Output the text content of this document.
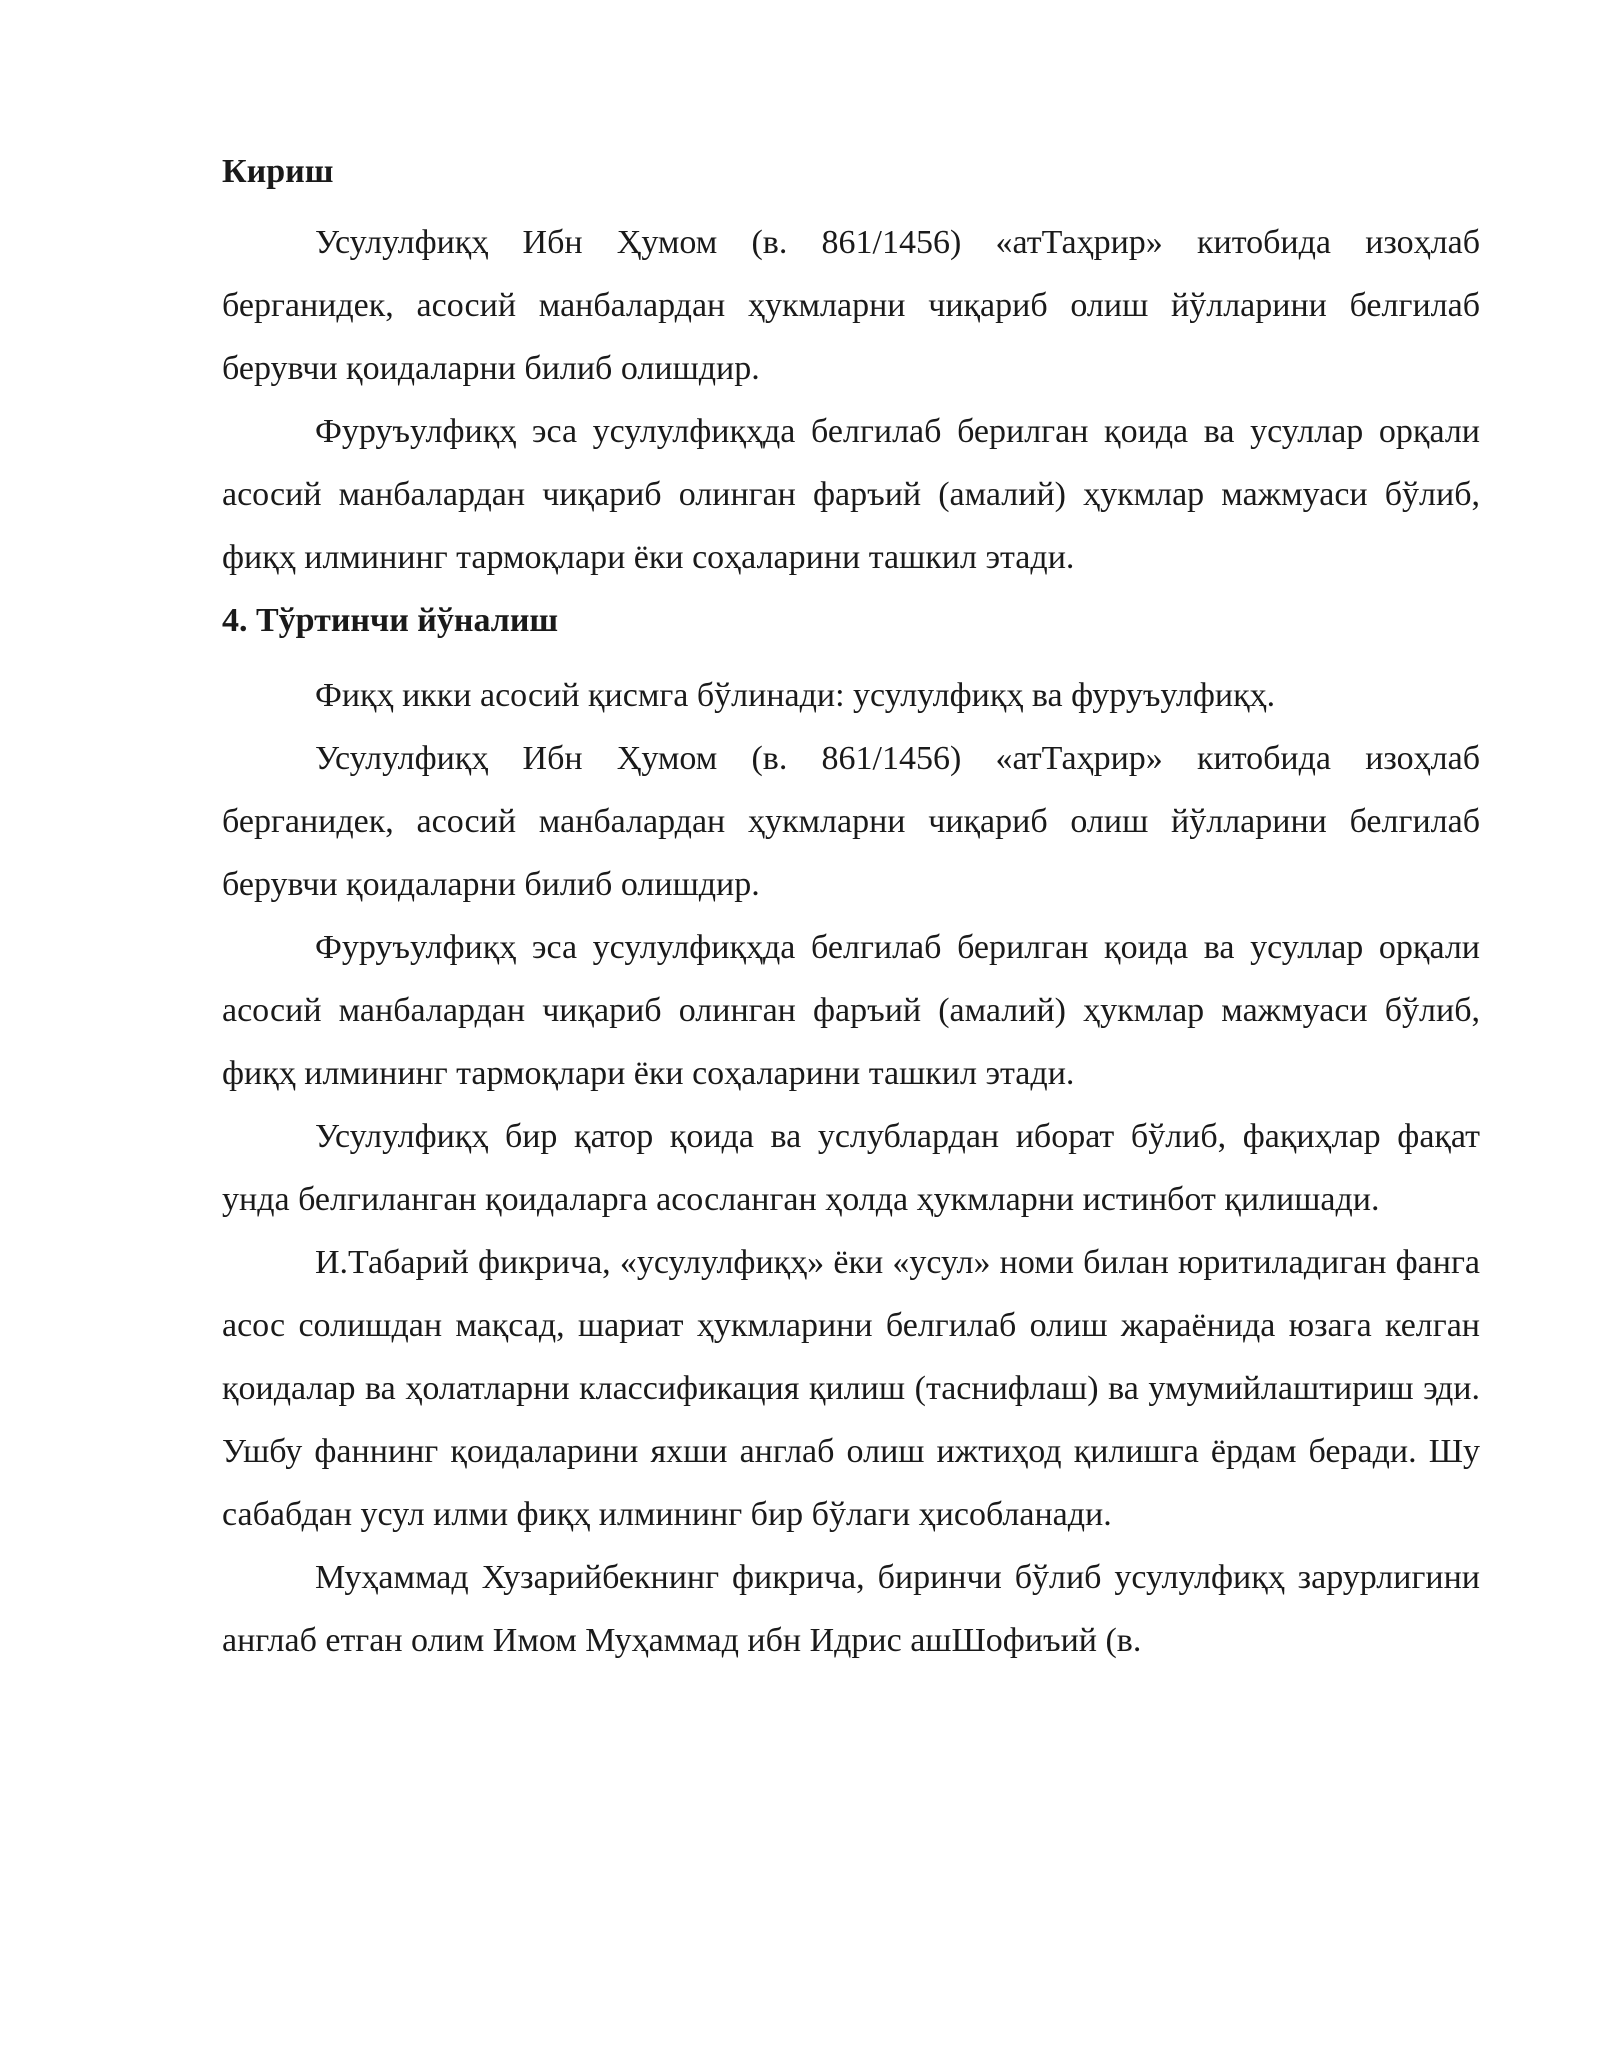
Кириш

Усулулфиқҳ Ибн Ҳумом (в. 861/1456) «атТаҳрир» китобида изоҳлаб берганидек, асосий манбалардан ҳукмларни чиқариб олиш йўлларини белгилаб берувчи қоидаларни билиб олишдир.

Фуруъулфиқҳ эса усулулфиқҳда белгилаб берилган қоида ва усуллар орқали асосий манбалардан чиқариб олинган фаръий (амалий) ҳукмлар мажмуаси бўлиб, фиқҳ илмининг тармоқлари ёки соҳаларини ташкил этади.

4. Тўртинчи йўналиш

Фиқҳ икки асосий қисмга бўлинади: усулулфиқҳ ва фуруъулфиқҳ.

Усулулфиқҳ Ибн Ҳумом (в. 861/1456) «атТаҳрир» китобида изоҳлаб берганидек, асосий манбалардан ҳукмларни чиқариб олиш йўлларини белгилаб берувчи қоидаларни билиб олишдир.

Фуруъулфиқҳ эса усулулфиқҳда белгилаб берилган қоида ва усуллар орқали асосий манбалардан чиқариб олинган фаръий (амалий) ҳукмлар мажмуаси бўлиб, фиқҳ илмининг тармоқлари ёки соҳаларини ташкил этади.

Усулулфиқҳ бир қатор қоида ва услублардан иборат бўлиб, фақиҳлар фақат унда белгиланган қоидаларга асосланган ҳолда ҳукмларни истинбот қилишади.

И.Табарий фикрича, «усулулфиқҳ» ёки «усул» номи билан юритиладиган фанга асос солишдан мақсад, шариат ҳукмларини белгилаб олиш жараёнида юзага келган қоидалар ва ҳолатларни классификация қилиш (таснифлаш) ва умумийлаштириш эди. Ушбу фаннинг қоидаларини яхши англаб олиш ижтиҳод қилишга ёрдам беради. Шу сабабдан усул илми фиқҳ илмининг бир бўлаги ҳисобланади.

Муҳаммад Хузарийбекнинг фикрича, биринчи бўлиб усулулфиқҳ зарурлигини англаб етган олим Имом Муҳаммад ибн Идрис ашШофиъий (в.
